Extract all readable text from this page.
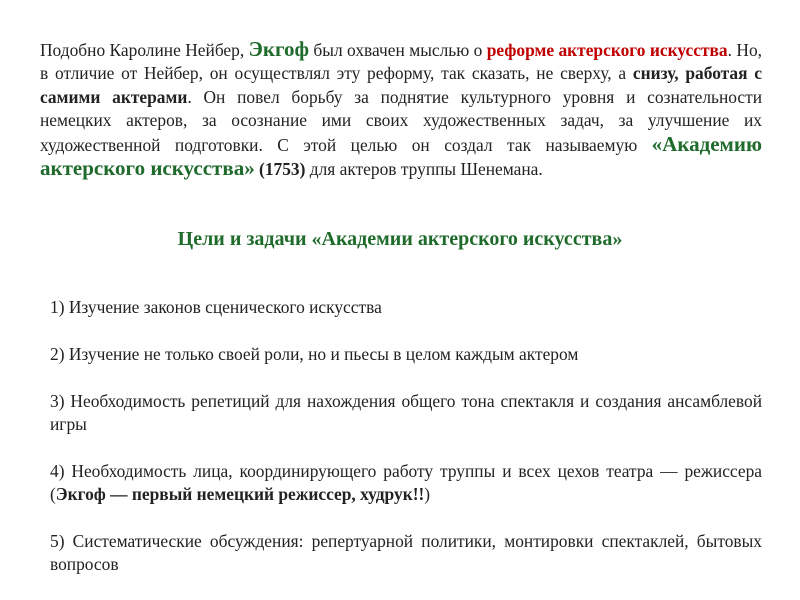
Подобно Каролине Нейбер, Экгоф был охвачен мыслью о реформе актерского искусства. Но, в отличие от Нейбер, он осуществлял эту реформу, так сказать, не сверху, а снизу, работая с самими актерами. Он повел борьбу за поднятие культурного уровня и сознательности немецких актеров, за осознание ими своих художественных задач, за улучшение их художественной подготовки. С этой целью он создал так называемую «Академию актерского искусства» (1753) для актеров труппы Шенемана.

Цели и задачи «Академии актерского искусства»
1) Изучение законов сценического искусства
2) Изучение не только своей роли, но и пьесы в целом каждым актером
3) Необходимость репетиций для нахождения общего тона спектакля и создания ансамблевой игры
4) Необходимость лица, координирующего работу труппы и всех цехов театра — режиссера (Экгоф — первый немецкий режиссер, худрук!!)
5) Систематические обсуждения: репертуарной политики, монтировки спектаклей, бытовых вопросов
